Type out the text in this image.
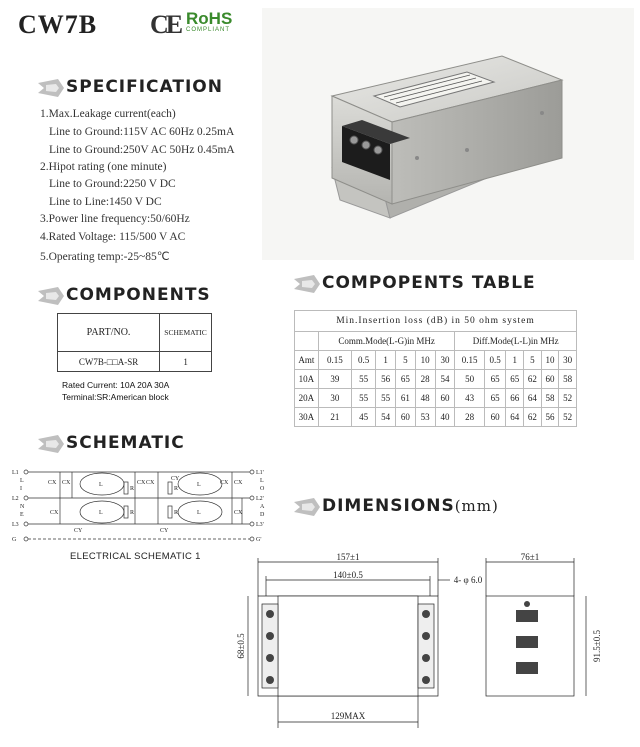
CW7B CE RoHS
COMPLIANT
SPECIFICATION
1.Max.Leakage current(each)
Line to Ground:115V AC 60Hz 0.25mA
Line to Ground:250V AC 50Hz 0.45mA
2.Hipot rating (one minute)
Line to Ground:2250 V DC
Line to Line:1450 V DC
3.Power line frequency:50/60Hz
4.Rated Voltage: 115/500 V AC
5.Operating temp:-25~85℃
COMPONENTS
PART/NO.	SCHEMATIC
CW7B-□□A-SR	1
Rated Current: 10A 20A 30A
Terminal:SR:American block
COMPOPENTS TABLE
Min.Insertion loss (dB) in 50 ohm system												
	Comm.Mode(L-G)in MHz						Diff.Mode(L-L)in MHz					
Amt	0.15	0.5	1	5	10	30	0.15	0.5	1	5	10	30
10A	39	55	56	65	28	54	50	65	65	62	60	58
20A	30	55	55	61	48	60	43	65	66	64	58	52
30A	21	45	54	60	53	40	28	60	64	62	56	52
SCHEMATIC
L1
L2
L3
G
L1'
L2'
L3'
G'
L
I
N
E
L
O
A
D
CX CX
CX
CX CX	CX CX
CX
CY	CY
CY
R
R
R
R
L
L
L
L
ELECTRICAL SCHEMATIC 1
DIMENSIONS(mm)
157±1
140±0.5	4- φ 6.0
129MAX
76±1
68±0.5	91.5±0.5
